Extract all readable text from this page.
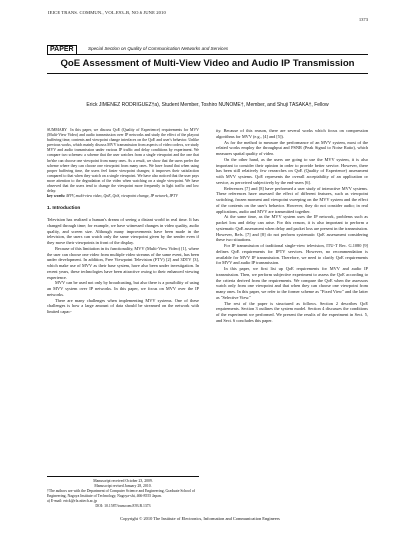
IEICE TRANS. COMMUN., VOL.E93–B, NO.6 JUNE 2010
1373
PAPER	Special Section on Quality of Communication Networks and Services
QoE Assessment of Multi-View Video and Audio IP Transmission
Erick JIMENEZ RODRIGUEZ†a), Student Member, Toshiro NUNOME†, Member, and Shuji TASAKA†, Fellow

SUMMARY In this paper, we discuss QoE (Quality of Experience) requirements for MVV (Multi-View Video) and audio transmission over IP networks and study the effect of the playout buffering time, contents and viewpoint change interfaces on the QoE and user's behavior. Unlike previous works, which mainly discuss MVV transmission from aspects of video codecs, we study MVV and audio transmission under various IP traffic and delay conditions by experiment. We compare two schemes: a scheme that the user watches from a single viewpoint and the one that he/she can choose one viewpoint from many ones. As a result, we show that the users prefer the scheme where they can choose one viewpoint from many ones. We have found that when using proper buffering time, the users feel faster viewpoint changes; it improves their satisfaction compared to that when they watch on a single viewpoint. We have also noticed that the user pays more attention to the degradation of the video when watching on a single viewpoint. We have observed that the users tend to change the viewpoint more frequently in light traffic and low delay.

key words: MVV, multi-view video, QoE, QoS, viewpoint change, IP network, IPTV

1. Introduction

Television has realized a human's dream of seeing a distant world in real time. It has changed through time; for example, we have witnessed changes in video quality, audio quality, and screen size. Although many improvements have been made in the television, the users can watch only the same viewpoint given by the sender even if they move their viewpoints in front of the display.

Because of this limitation in its functionality, MVV (Multi-View Video) [1], where the user can choose one video from multiple video streams of the same event, has been under development. In addition, Free Viewpoint Television (FTV) [2] and 3DTV [3], which make use of MVV as their base system, have also been under investigation. In recent years, these technologies have been attractive owing to their enhanced viewing experience.

MVV can be used not only by broadcasting, but also there is a possibility of using an MVV system over IP networks. In this paper, we focus on MVV over the IP networks.

There are many challenges when implementing MVV systems. One of these challenges is how a large amount of data should be streamed on the network with limited capac-

ity. Because of this reason, there are several works which focus on compression algorithms for MVV (e.g., [4] and [5]).

As for the method to measure the performance of an MVV system, most of the related works employ the throughput and PSNR (Peak Signal to Noise Ratio), which measures spatial quality of video.

On the other hand, as the users are going to use the MVV system, it is also important to consider their opinion in order to provide better service. However, there has been still relatively few researches on QoE (Quality of Experience) assessment with MVV systems. QoE represents the overall acceptability of an application or service, as perceived subjectively by the end-users [6].

References [7] and [8] have performed a user study of interactive MVV systems. These references have assessed the effect of different features, such as viewpoint switching, frozen moment and viewpoint sweeping on the MVV system and the effect of the contents on the user's behavior. However, they do not consider audio; in real applications, audio and MVV are transmitted together.

At the same time, as the MVV system uses the IP network, problems such as packet loss and delay can arise. For this reason, it is also important to perform a systematic QoE assessment when delay and packet loss are present in the transmission. However, Refs. [7] and [8] do not perform systematic QoE assessment considering these two situations.

For IP transmission of traditional single-view television, ITU-T Rec. G.1080 [9] defines QoE requirements for IPTV services. However, no recommendation is available for MVV IP transmission. Therefore, we need to clarify QoE requirements for MVV and audio IP transmission.

In this paper, we first list up QoE requirements for MVV and audio IP transmission. Then, we perform subjective experiment to assess the QoE according to the criteria derived from the requirements. We compare the QoE when the assessors watch only from one viewpoint and that when they can choose one viewpoint from many ones. In this paper, we refer to the former scheme as "Fixed View" and the latter as "Selective View."

The rest of the paper is structured as follows. Section 2 describes QoE requirements. Section 3 outlines the system model. Section 4 discusses the conditions of the experiment we performed. We present the results of the experiment in Sect. 5, and Sect. 6 concludes this paper.

Manuscript received October 23, 2009.

Manuscript revised January 28, 2010.

†The authors are with the Department of Computer Science and Engineering, Graduate School of Engineering, Nagoya Institute of Technology, Nagoya-shi, 466-8555 Japan.

a) E-mail: erick@rlx.nitech.ac.jp

DOI: 10.1587/transcom.E93.B.1373

Copyright © 2010 The Institute of Electronics, Information and Communication Engineers
